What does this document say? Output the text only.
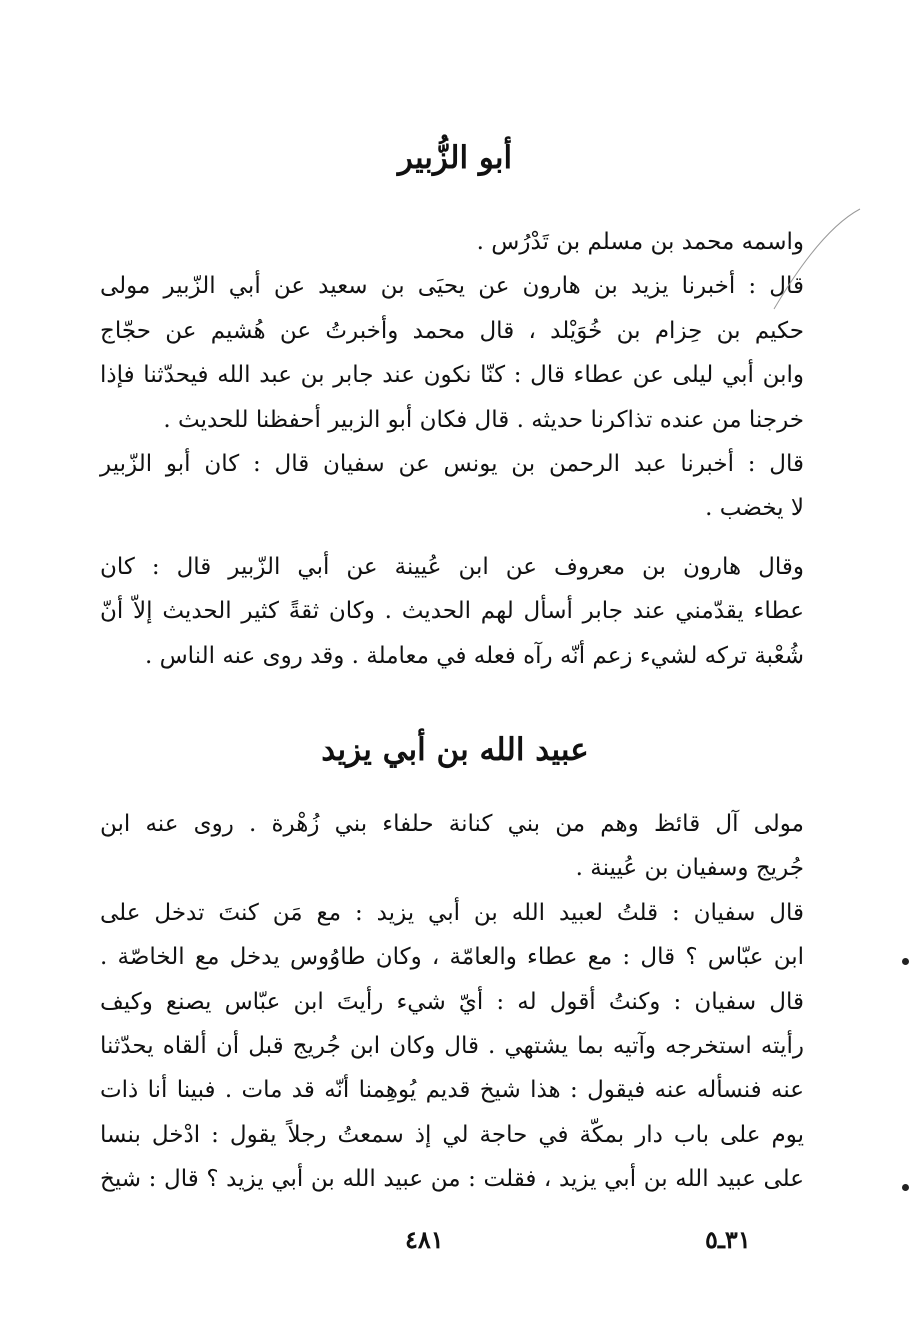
أبو الزُّبير

واسمه محمد بن مسلم بن تَدْرُس .

قال : أخبرنا يزيد بن هارون عن يحيَى بن سعيد عن أبي الزّبير مولى
حكيم بن حِزام بن خُوَيْلد ، قال محمد وأخبرتُ عن هُشيم عن حجّاج
وابن أبي ليلى عن عطاء قال : كنّا نكون عند جابر بن عبد الله فيحدّثنا فإذا
خرجنا من عنده تذاكرنا حديثه . قال فكان أبو الزبير أحفظنا للحديث .

قال : أخبرنا عبد الرحمن بن يونس عن سفيان قال : كان أبو الزّبير
لا يخضب .

وقال هارون بن معروف عن ابن عُيينة عن أبي الزّبير قال : كان
عطاء يقدّمني عند جابر أسأل لهم الحديث . وكان ثقةً كثير الحديث إلاّ أنّ
شُعْبة تركه لشيء زعم أنّه رآه فعله في معاملة . وقد روى عنه الناس .

عبيد الله بن أبي يزيد

مولى آل قائظ وهم من بني كنانة حلفاء بني زُهْرة . روى عنه ابن
جُريج وسفيان بن عُيينة .

قال سفيان : قلتُ لعبيد الله بن أبي يزيد : مع مَن كنتَ تدخل على
ابن عبّاس ؟ قال : مع عطاء والعامّة ، وكان طاوُوس يدخل مع الخاصّة .
قال سفيان : وكنتُ أقول له : أيّ شيء رأيتَ ابن عبّاس يصنع وكيف
رأيته استخرجه وآتيه بما يشتهي . قال وكان ابن جُريج قبل أن ألقاه يحدّثنا
عنه فنسأله عنه فيقول : هذا شيخ قديم يُوهِمنا أنّه قد مات . فبينا أنا ذات
يوم على باب دار بمكّة في حاجة لي إذ سمعتُ رجلاً يقول : ادْخل بنسا
على عبيد الله بن أبي يزيد ، فقلت : من عبيد الله بن أبي يزيد ؟ قال : شيخ

٤٨١	٣١ـ٥
